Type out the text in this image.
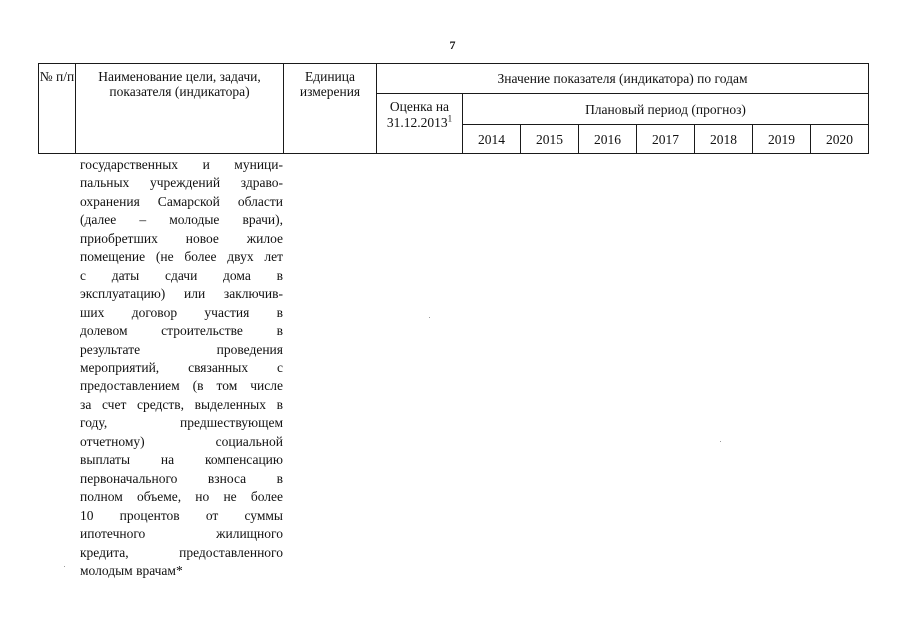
7
№ п/п	Наименование цели, задачи, показателя (индикатора)	Единица измерения	Значение показателя (индикатора) по годам							
			Оценка на 31.12.2013$^1$	Плановый период (прогноз)						
				2014	2015	2016	2017	2018	2019	2020
государственных и муници-
пальных учреждений здраво-
охранения Самарской области
(далее – молодые врачи),
приобретших новое жилое
помещение (не более двух лет
с даты сдачи дома в
эксплуатацию) или заключив-
ших договор участия в
долевом строительстве в
результате проведения
мероприятий, связанных с
предоставлением (в том числе
за счет средств, выделенных в
году, предшествующем
отчетному) социальной
выплаты на компенсацию
первоначального взноса в
полном объеме, но не более
10 процентов от суммы
ипотечного жилищного
кредита, предоставленного
молодым врачам*
